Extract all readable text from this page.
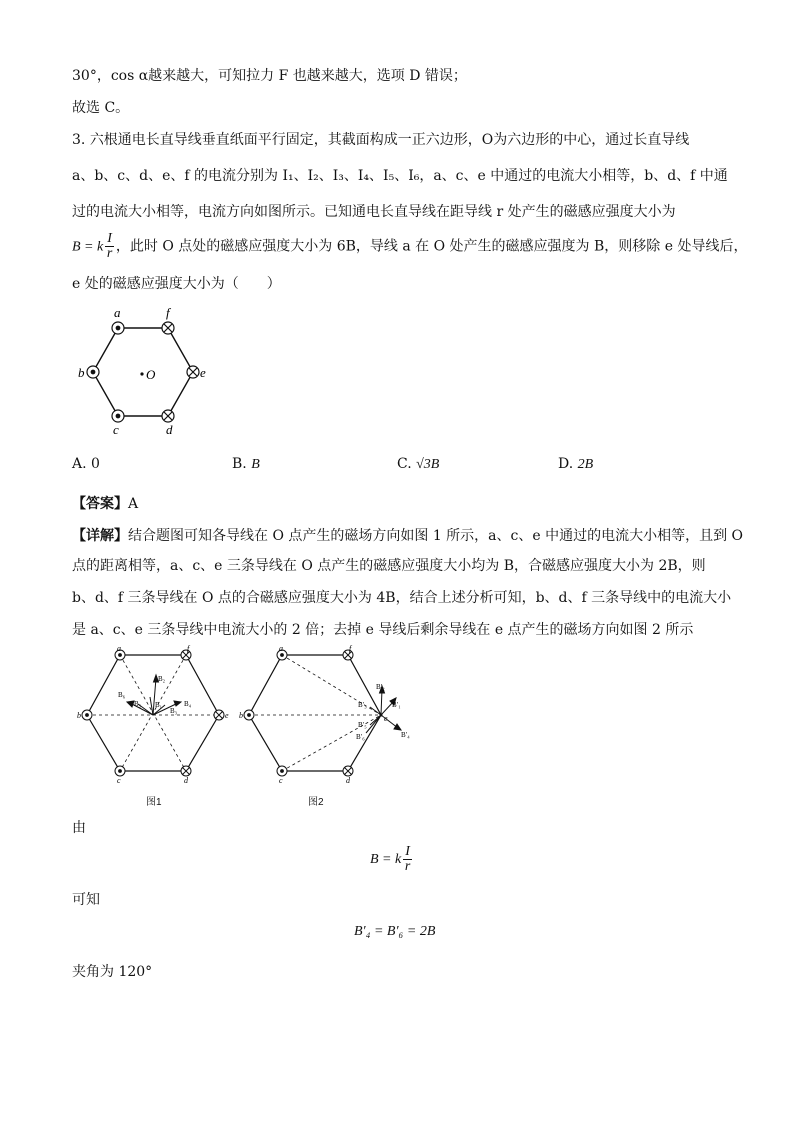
30°，cos α越来越大，可知拉力 F 也越来越大，选项 D 错误；
故选 C。
3. 六根通电长直导线垂直纸面平行固定，其截面构成一正六边形，O为六边形的中心，通过长直导线
a、b、c、d、e、f 的电流分别为 I₁、I₂、I₃、I₄、I₅、I₆，a、c、e 中通过的电流大小相等，b、d、f 中通
过的电流大小相等，电流方向如图所示。已知通电长直导线在距导线 r 处产生的磁感应强度大小为
B = k $\frac{I}{r}$ ，此时 O 点处的磁感应强度大小为 6B，导线 a 在 O 处产生的磁感应强度为 B，则移除 e 处导线后，
e 处的磁感应强度大小为（　　）
a	f
b	O	e
c	d
A. 0	B. B	C. √3B	D. 2B
【答案】A
【详解】结合题图可知各导线在 O 点产生的磁场方向如图 1 所示，a、c、e 中通过的电流大小相等，且到 O
点的距离相等，a、c、e 三条导线在 O 点产生的磁感应强度大小均为 B，合磁感应强度大小为 2B，则
b、d、f 三条导线在 O 点的合磁感应强度大小为 4B，结合上述分析可知，b、d、f 三条导线中的电流大小
是 a、c、e 三条导线中电流大小的 2 倍；去掉 e 导线后剩余导线在 e 点产生的磁场方向如图 2 所示
a	f
b	e
c	d
B₁
B₂
B₃
B₄
B₅
B₆
图1
a	f
b	e
c	d
B′₁
B′₂
B′₃
B′₄
B′₅
B′₆
图2
由
B = k $\frac{I}{r}$
可知
B′₄ = B′₆ = 2B
夹角为 120°
